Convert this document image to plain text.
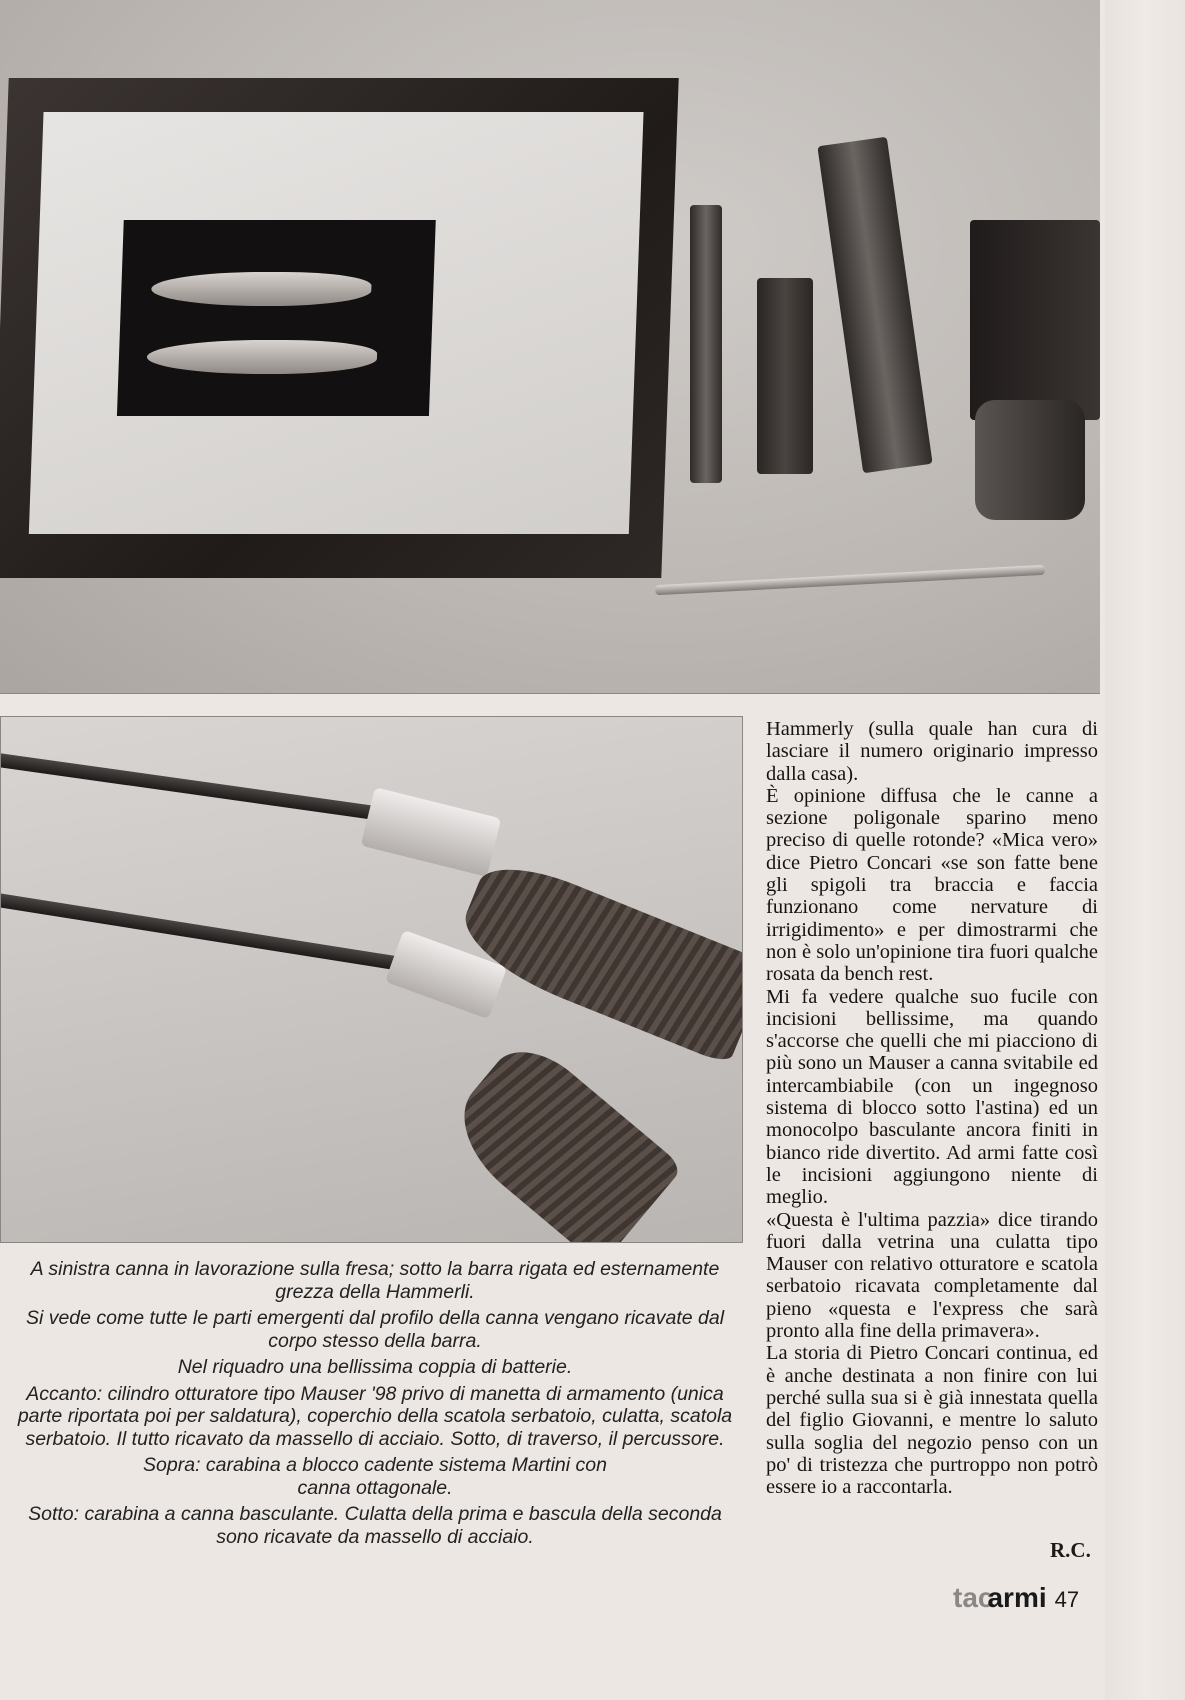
A sinistra canna in lavorazione sulla fresa; sotto la barra rigata ed esternamente grezza della Hammerli.

Si vede come tutte le parti emergenti dal profilo della canna vengano ricavate dal corpo stesso della barra.

Nel riquadro una bellissima coppia di batterie.

Accanto: cilindro otturatore tipo Mauser '98 privo di manetta di armamento (unica parte riportata poi per saldatura), coperchio della scatola serbatoio, culatta, scatola serbatoio. Il tutto ricavato da massello di acciaio. Sotto, di traverso, il percussore.

Sopra: carabina a blocco cadente sistema Martini con canna ottagonale.

Sotto: carabina a canna basculante. Culatta della prima e bascula della seconda sono ricavate da massello di acciaio.

Hammerly (sulla quale han cura di lasciare il numero originario impresso dalla casa).

È opinione diffusa che le canne a sezione poligonale sparino meno preciso di quelle rotonde? «Mica vero» dice Pietro Concari «se son fatte bene gli spigoli tra braccia e faccia funzionano come nervature di irrigidimento» e per dimostrarmi che non è solo un'opinione tira fuori qualche rosata da bench rest.

Mi fa vedere qualche suo fucile con incisioni bellissime, ma quando s'accorse che quelli che mi piacciono di più sono un Mauser a canna svitabile ed intercambiabile (con un ingegnoso sistema di blocco sotto l'astina) ed un monocolpo basculante ancora finiti in bianco ride divertito. Ad armi fatte così le incisioni aggiungono niente di meglio.

«Questa è l'ultima pazzia» dice tirando fuori dalla vetrina una culatta tipo Mauser con relativo otturatore e scatola serbatoio ricavata completamente dal pieno «questa e l'express che sarà pronto alla fine della primavera».

La storia di Pietro Concari continua, ed è anche destinata a non finire con lui perché sulla sua si è già innestata quella del figlio Giovanni, e mentre lo saluto sulla soglia del negozio penso con un po' di tristezza che purtroppo non potrò essere io a raccontarla.

R.C.
tacarmi 47
